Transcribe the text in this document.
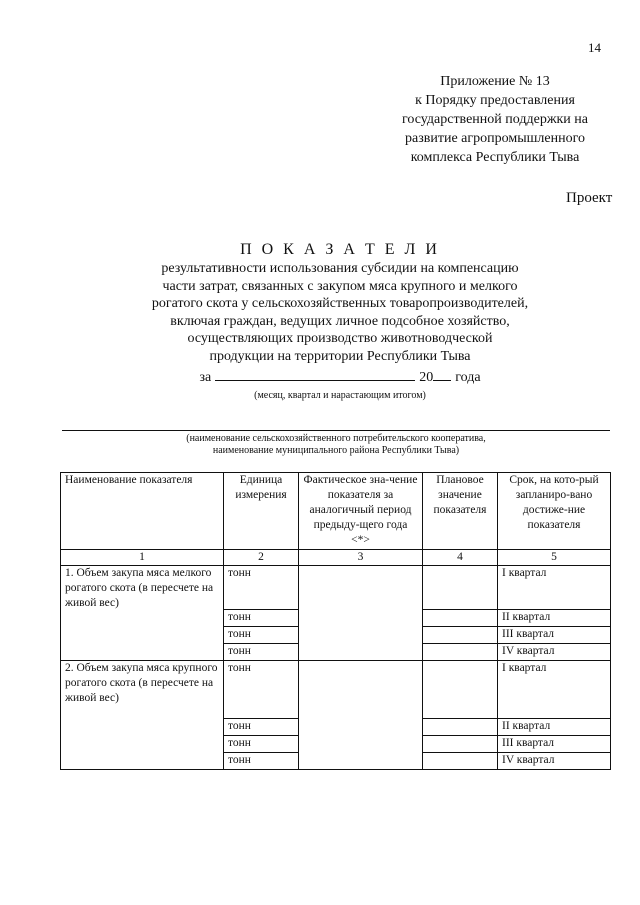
14
Приложение № 13
к Порядку предоставления
государственной поддержки на
развитие агропромышленного
комплекса Республики Тыва
Проект
П О К А З А Т Е Л И
результативности использования субсидии на компенсацию
части затрат, связанных с закупом мяса крупного и мелкого
рогатого скота у сельскохозяйственных товаропроизводителей,
включая граждан, ведущих личное подсобное хозяйство,
осуществляющих производство животноводческой
продукции на территории Республики Тыва
за	20 года
(месяц, квартал и нарастающим итогом)
(наименование сельскохозяйственного потребительского кооператива,
наименование муниципального района Республики Тыва)
Наименование показателя	Единица измерения	Фактическое зна-чение показателя за аналогичный период предыду-щего года <*>	Плановое значение показателя	Срок, на кото-рый запланиро-вано достиже-ние показателя
1	2	3	4	5
1. Объем закупа мяса мелкого рогатого скота (в пересчете на живой вес)	тонн			I квартал
	тонн			II квартал
	тонн			III квартал
	тонн			IV квартал
2. Объем закупа мяса крупного рогатого скота (в пересчете на живой вес)	тонн			I квартал
	тонн			II квартал
	тонн			III квартал
	тонн			IV квартал
